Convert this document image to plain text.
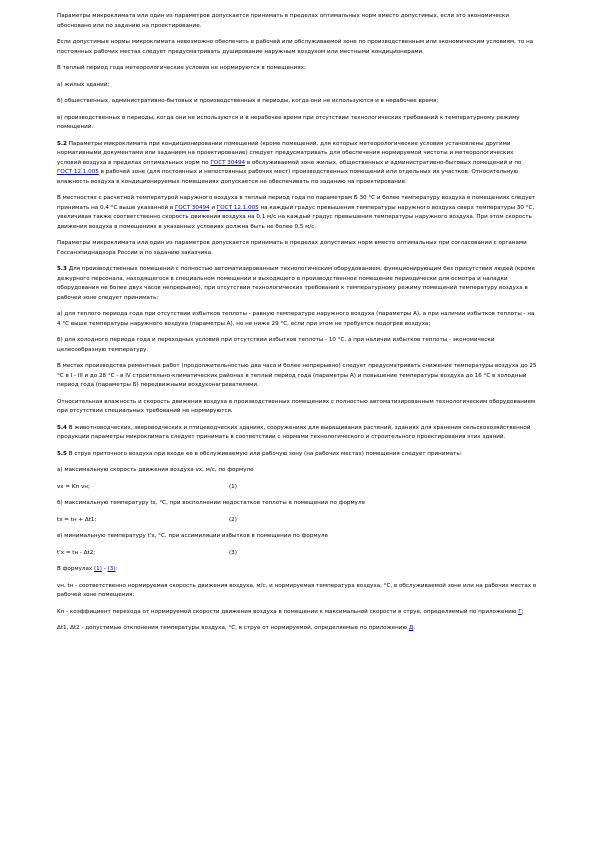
Параметры микроклимата или один из параметров допускается принимать в пределах оптимальных норм вместо допустимых, если это экономически обосновано или по заданию на проектирование.

Если допустимые нормы микроклимата невозможно обеспечить в рабочей или обслуживаемой зоне по производственным или экономическим условиям, то на постоянных рабочих местах следует предусматривать душирование наружным воздухом или местными кондиционерами.

В теплый период года метеорологические условия не нормируются в помещениях:

а) жилых зданий;

б) общественных, административно-бытовых и производственных в периоды, когда они не используются и в нерабочее время;

в) производственных в периоды, когда они не используются и в нерабочее время при отсутствии технологических требований к температурному режиму помещений.

5.2 Параметры микроклимата при кондиционировании помещений (кроме помещений, для которых метеорологические условия установлены другими нормативными документами или заданием на проектирование) следует предусматривать для обеспечения нормируемой чистоты и метеорологических условий воздуха в пределах оптимальных норм по ГОСТ 30494 в обслуживаемой зоне жилых, общественных и административно-бытовых помещений и по ГОСТ 12.1.005 в рабочей зоне (для постоянных и непостоянных рабочих мест) производственных помещений или отдельных их участков. Относительную влажность воздуха в кондиционируемых помещениях допускается не обеспечивать по заданию на проектирование.

В местностях с расчетной температурой наружного воздуха в теплый период года по параметрам Б 30 °С и более температуру воздуха в помещениях следует принимать на 0,4 °С выше указанной в ГОСТ 30494 и ГОСТ 12.1.005 на каждый градус превышения температуры наружного воздуха сверх температуры 30 °С, увеличивая также соответственно скорость движения воздуха на 0,1 м/с на каждый градус превышения температуры наружного воздуха. При этом скорость движения воздуха в помещениях в указанных условиях должна быть не более 0,5 м/с.

Параметры микроклимата или один из параметров допускается принимать в пределах допустимых норм вместо оптимальных при согласовании с органами Госсанэпиднадзора России и по заданию заказчика.

5.3 Для производственных помещений с полностью автоматизированным технологическим оборудованием, функционирующим без присутствия людей (кроме дежурного персонала, находящегося в специальном помещении и выходящего в производственное помещение периодически для осмотра и наладки оборудования не более двух часов непрерывно), при отсутствии технологических требований к температурному режиму помещений температуру воздуха в рабочей зоне следует принимать:

а) для теплого периода года при отсутствии избытков теплоты - равную температуре наружного воздуха (параметры А), а при наличии избытков теплоты - на 4 °С выше температуры наружного воздуха (параметры А), но не ниже 29 °С, если при этом не требуется подогрев воздуха;

б) для холодного периода года и переходных условий при отсутствии избытков теплоты - 10 °С, а при наличии избытков теплоты - экономически целесообразную температуру.

В местах производства ремонтных работ (продолжительностью два часа и более непрерывно) следует предусматривать снижение температуры воздуха до 25 °С в I - III и до 28 °С - в IV строительно-климатических районах в теплый период года (параметры А) и повышение температуры воздуха до 16 °С в холодный период года (параметры Б) передвижными воздухонагревателями.

Относительная влажность и скорость движения воздуха в производственных помещениях с полностью автоматизированным технологическим оборудованием при отсутствии специальных требований не нормируются.

5.4 В животноводческих, звероводческих и птицеводческих зданиях, сооружениях для выращивания растений, зданиях для хранения сельскохозяйственной продукции параметры микроклимата следует принимать в соответствии с нормами технологического и строительного проектирования этих зданий.

5.5 В струе приточного воздуха при входе ее в обслуживаемую или рабочую зону (на рабочих местах) помещения следует принимать:

а) максимальную скорость движения воздуха vх, м/с, по формуле

vх = Kп vн;	(1)

б) максимальную температуру tх, °С, при восполнении недостатков теплоты в помещении по формуле

tх = tн + Δt1;	(2)

в) минимальную температуру t'х, °С, при ассимиляции избытков в помещении по формуле

t'х = tн - Δt2;	(3)

В формулах (1) - (3):

vн, tн - соответственно нормируемая скорость движения воздуха, м/с, и нормируемая температура воздуха, °С, в обслуживаемой зоне или на рабочих местах в рабочей зоне помещения;

Kп - коэффициент перехода от нормируемой скорости движения воздуха в помещении к максимальной скорости в струе, определяемый по приложению Г;

Δt1, Δt2 - допустимые отклонения температуры воздуха, °С, в струе от нормируемой, определяемые по приложению Д.
